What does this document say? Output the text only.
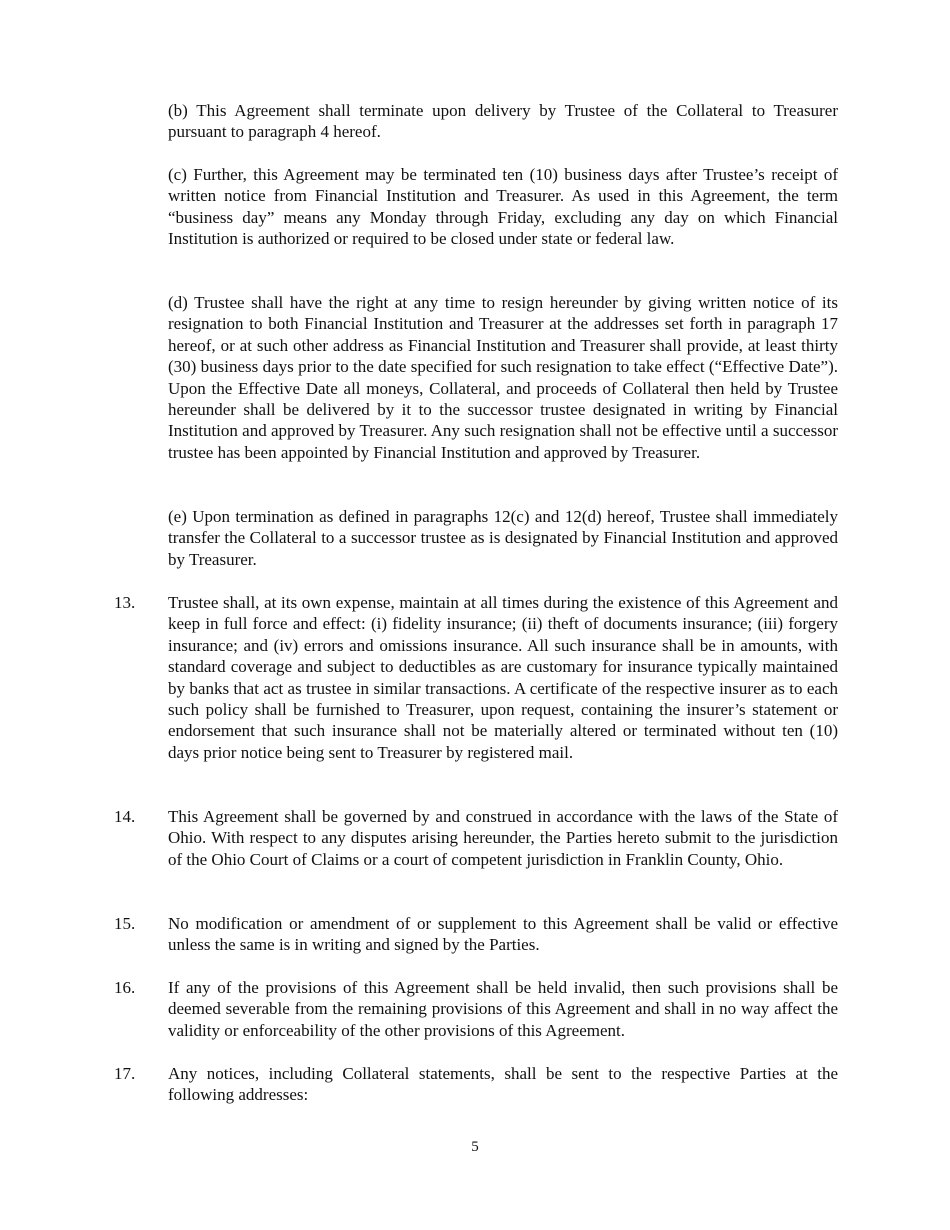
(b) This Agreement shall terminate upon delivery by Trustee of the Collateral to Treasurer pursuant to paragraph 4 hereof.

(c) Further, this Agreement may be terminated ten (10) business days after Trustee’s receipt of written notice from Financial Institution and Treasurer. As used in this Agreement, the term “business day” means any Monday through Friday, excluding any day on which Financial Institution is authorized or required to be closed under state or federal law.

(d) Trustee shall have the right at any time to resign hereunder by giving written notice of its resignation to both Financial Institution and Treasurer at the addresses set forth in paragraph 17 hereof, or at such other address as Financial Institution and Treasurer shall provide, at least thirty (30) business days prior to the date specified for such resignation to take effect (“Effective Date”). Upon the Effective Date all moneys, Collateral, and proceeds of Collateral then held by Trustee hereunder shall be delivered by it to the successor trustee designated in writing by Financial Institution and approved by Treasurer. Any such resignation shall not be effective until a successor trustee has been appointed by Financial Institution and approved by Treasurer.

(e) Upon termination as defined in paragraphs 12(c) and 12(d) hereof, Trustee shall immediately transfer the Collateral to a successor trustee as is designated by Financial Institution and approved by Treasurer.

13. Trustee shall, at its own expense, maintain at all times during the existence of this Agreement and keep in full force and effect: (i) fidelity insurance; (ii) theft of documents insurance; (iii) forgery insurance; and (iv) errors and omissions insurance. All such insurance shall be in amounts, with standard coverage and subject to deductibles as are customary for insurance typically maintained by banks that act as trustee in similar transactions. A certificate of the respective insurer as to each such policy shall be furnished to Treasurer, upon request, containing the insurer’s statement or endorsement that such insurance shall not be materially altered or terminated without ten (10) days prior notice being sent to Treasurer by registered mail.

14. This Agreement shall be governed by and construed in accordance with the laws of the State of Ohio. With respect to any disputes arising hereunder, the Parties hereto submit to the jurisdiction of the Ohio Court of Claims or a court of competent jurisdiction in Franklin County, Ohio.

15. No modification or amendment of or supplement to this Agreement shall be valid or effective unless the same is in writing and signed by the Parties.

16. If any of the provisions of this Agreement shall be held invalid, then such provisions shall be deemed severable from the remaining provisions of this Agreement and shall in no way affect the validity or enforceability of the other provisions of this Agreement.

17. Any notices, including Collateral statements, shall be sent to the respective Parties at the following addresses:

5
